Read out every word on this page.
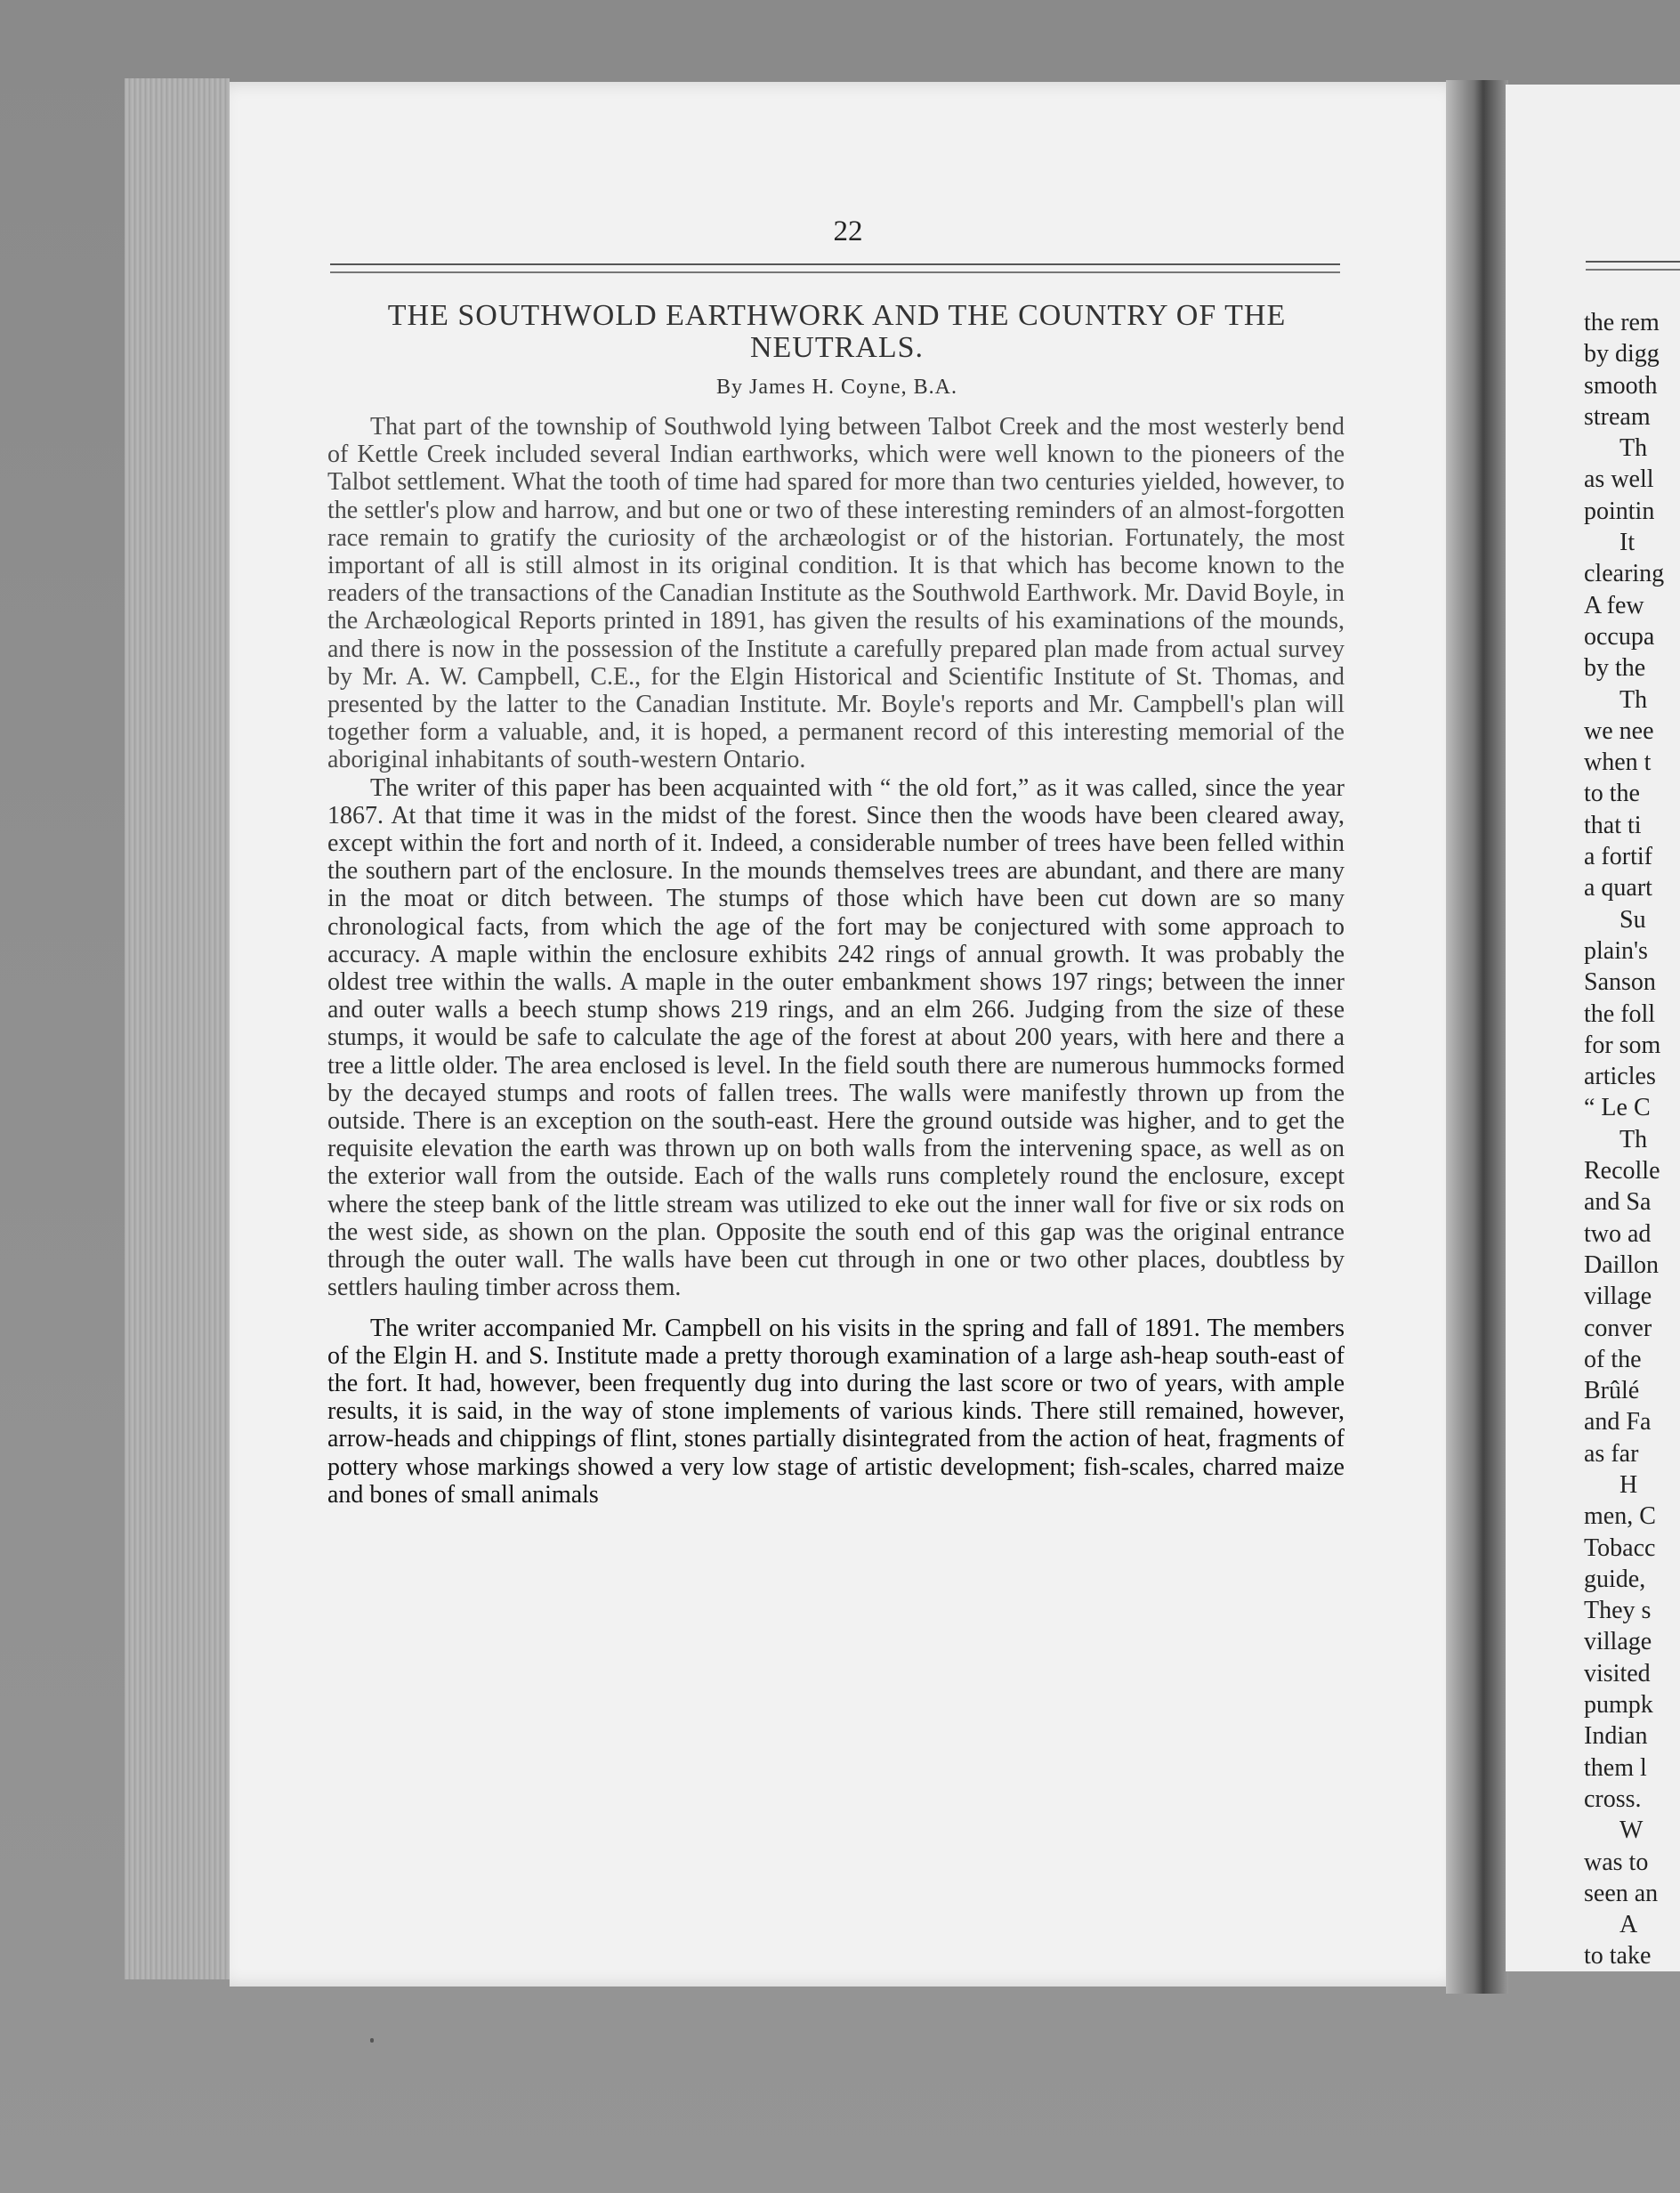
22
THE SOUTHWOLD EARTHWORK AND THE COUNTRY OF THE NEUTRALS.
By James H. Coyne, B.A.

That part of the township of Southwold lying between Talbot Creek and the most westerly bend of Kettle Creek included several Indian earthworks, which were well known to the pioneers of the Talbot settlement. What the tooth of time had spared for more than two centuries yielded, however, to the settler's plow and harrow, and but one or two of these interesting reminders of an almost-forgotten race remain to gratify the curiosity of the archæologist or of the historian. Fortunately, the most important of all is still almost in its original condition. It is that which has become known to the readers of the transactions of the Canadian Institute as the Southwold Earthwork. Mr. David Boyle, in the Archæological Reports printed in 1891, has given the results of his examinations of the mounds, and there is now in the possession of the Institute a carefully prepared plan made from actual survey by Mr. A. W. Campbell, C.E., for the Elgin Historical and Scientific Institute of St. Thomas, and presented by the latter to the Canadian Institute. Mr. Boyle's reports and Mr. Campbell's plan will together form a valuable, and, it is hoped, a permanent record of this interesting memorial of the aboriginal inhabitants of south-western Ontario.

The writer of this paper has been acquainted with “ the old fort,” as it was called, since the year 1867. At that time it was in the midst of the forest. Since then the woods have been cleared away, except within the fort and north of it. Indeed, a considerable number of trees have been felled within the southern part of the enclosure. In the mounds themselves trees are abundant, and there are many in the moat or ditch between. The stumps of those which have been cut down are so many chronological facts, from which the age of the fort may be conjectured with some approach to accuracy. A maple within the enclosure exhibits 242 rings of annual growth. It was probably the oldest tree within the walls. A maple in the outer embankment shows 197 rings; between the inner and outer walls a beech stump shows 219 rings, and an elm 266. Judging from the size of these stumps, it would be safe to calculate the age of the forest at about 200 years, with here and there a tree a little older. The area enclosed is level. In the field south there are numerous hummocks formed by the decayed stumps and roots of fallen trees. The walls were manifestly thrown up from the outside. There is an exception on the south-east. Here the ground outside was higher, and to get the requisite elevation the earth was thrown up on both walls from the intervening space, as well as on the exterior wall from the outside. Each of the walls runs completely round the enclosure, except where the steep bank of the little stream was utilized to eke out the inner wall for five or six rods on the west side, as shown on the plan. Opposite the south end of this gap was the original entrance through the outer wall. The walls have been cut through in one or two other places, doubtless by settlers hauling timber across them.

The writer accompanied Mr. Campbell on his visits in the spring and fall of 1891. The members of the Elgin H. and S. Institute made a pretty thorough examination of a large ash-heap south-east of the fort. It had, however, been frequently dug into during the last score or two of years, with ample results, it is said, in the way of stone implements of various kinds. There still remained, however, arrow-heads and chippings of flint, stones partially disintegrated from the action of heat, fragments of pottery whose markings showed a very low stage of artistic development; fish-scales, charred maize and bones of small animals

the rem
by digg
smooth
stream
Th
as well
pointin
It
clearing
A few
occupa
by the
Th
we nee
when t
to the
that ti
a fortif
a quart
Su
plain's
Sanson
the foll
for som
articles
“ Le C
Th
Recolle
and Sa
two ad
Daillon
village
conver
of the
Brûlé
and Fa
as far
H
men, C
Tobacc
guide,
They s
village
visited
pumpk
Indian
them l
cross.
W
was to
seen an
A
to take
